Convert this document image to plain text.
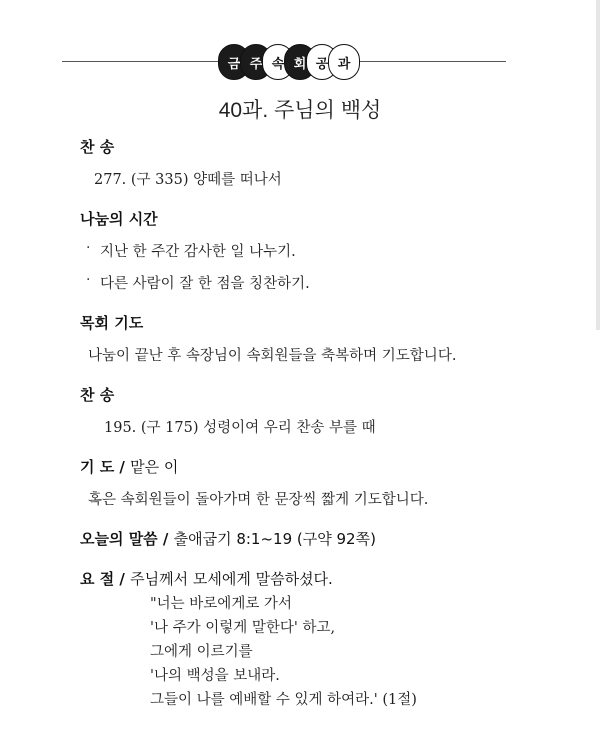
금 주 속 회 공 과
40과. 주님의 백성
찬 송
277. (구 335) 양떼를 떠나서
나눔의 시간
· 지난 한 주간 감사한 일 나누기.
· 다른 사람이 잘 한 점을 칭찬하기.
목회 기도
나눔이 끝난 후 속장님이 속회원들을 축복하며 기도합니다.
찬 송
195. (구 175) 성령이여 우리 찬송 부를 때
기 도 / 맡은 이
혹은 속회원들이 돌아가며 한 문장씩 짧게 기도합니다.
오늘의 말씀 / 출애굽기 8:1~19 (구약 92쪽)
요 절 / 주님께서 모세에게 말씀하셨다.
"너는 바로에게로 가서
'나 주가 이렇게 말한다' 하고,
그에게 이르기를
'나의 백성을 보내라.
그들이 나를 예배할 수 있게 하여라.' (1절)
